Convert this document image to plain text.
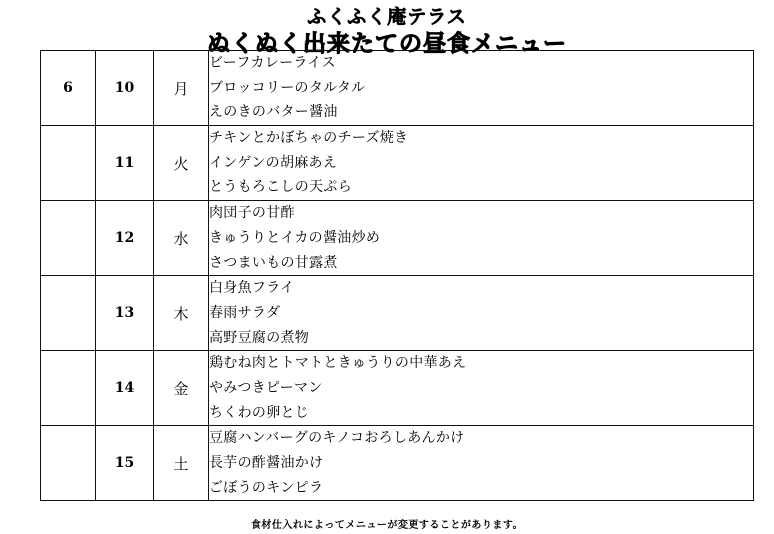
ふくふく庵テラス
ぬくぬく出来たての昼食メニュー
6	10	月	ビーフカレーライス
ブロッコリーのタルタル
えのきのバター醤油

	11	火	チキンとかぼちゃのチーズ焼き
インゲンの胡麻あえ
とうもろこしの天ぷら

	12	水	肉団子の甘酢
きゅうりとイカの醤油炒め
さつまいもの甘露煮

	13	木	白身魚フライ
春雨サラダ
高野豆腐の煮物

	14	金	鶏むね肉とトマトときゅうりの中華あえ
やみつきピーマン
ちくわの卵とじ

	15	土	豆腐ハンバーグのキノコおろしあんかけ
長芋の酢醤油かけ
ごぼうのキンピラ
食材仕入れによってメニューが変更することがあります。
